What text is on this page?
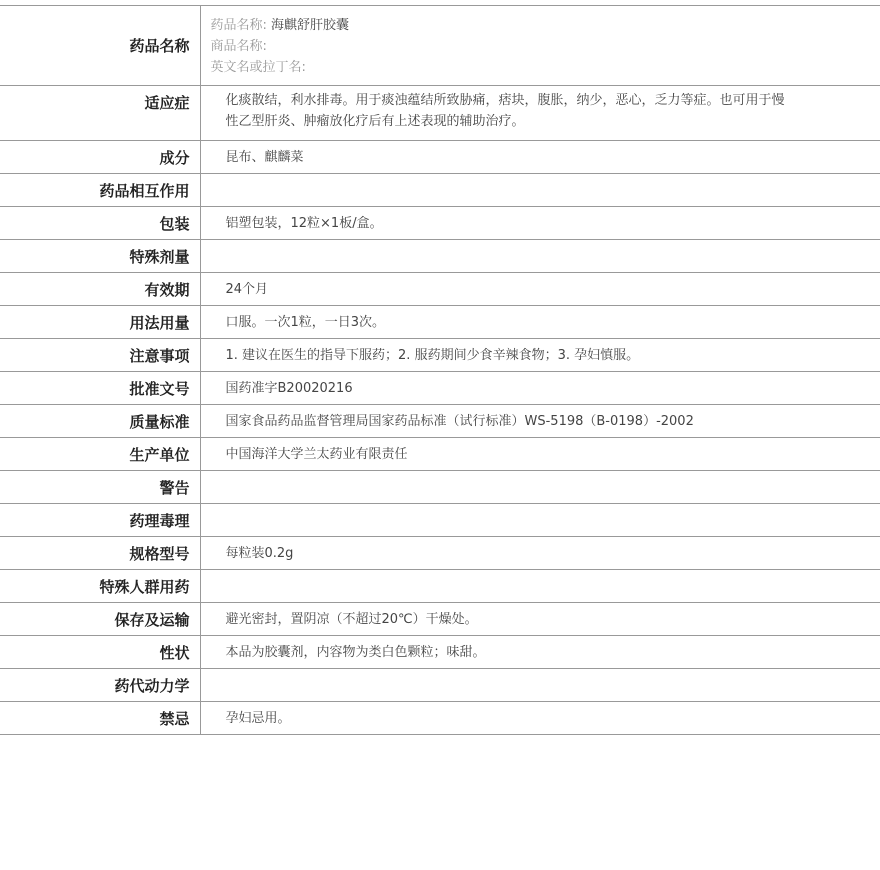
药品名称	药品名称: 海麒舒肝胶囊
商品名称:
英文名或拉丁名:

适应症	化痰散结，利水排毒。用于痰浊蕴结所致胁痛，痞块，腹胀，纳少，恶心，乏力等症。也可用于慢性乙型肝炎、肿瘤放化疗后有上述表现的辅助治疗。
成分	昆布、麒麟菜
药品相互作用	
包装	铝塑包装，12粒×1板/盒。
特殊剂量	
有效期	24个月
用法用量	口服。一次1粒，一日3次。
注意事项	1. 建议在医生的指导下服药；2. 服药期间少食辛辣食物；3. 孕妇慎服。
批准文号	国药准字B20020216
质量标准	国家食品药品监督管理局国家药品标准（试行标准）WS-5198（B-0198）-2002
生产单位	中国海洋大学兰太药业有限责任
警告	
药理毒理	
规格型号	每粒装0.2g
特殊人群用药	
保存及运输	避光密封，置阴凉（不超过20℃）干燥处。
性状	本品为胶囊剂，内容物为类白色颗粒；味甜。
药代动力学	
禁忌	孕妇忌用。
